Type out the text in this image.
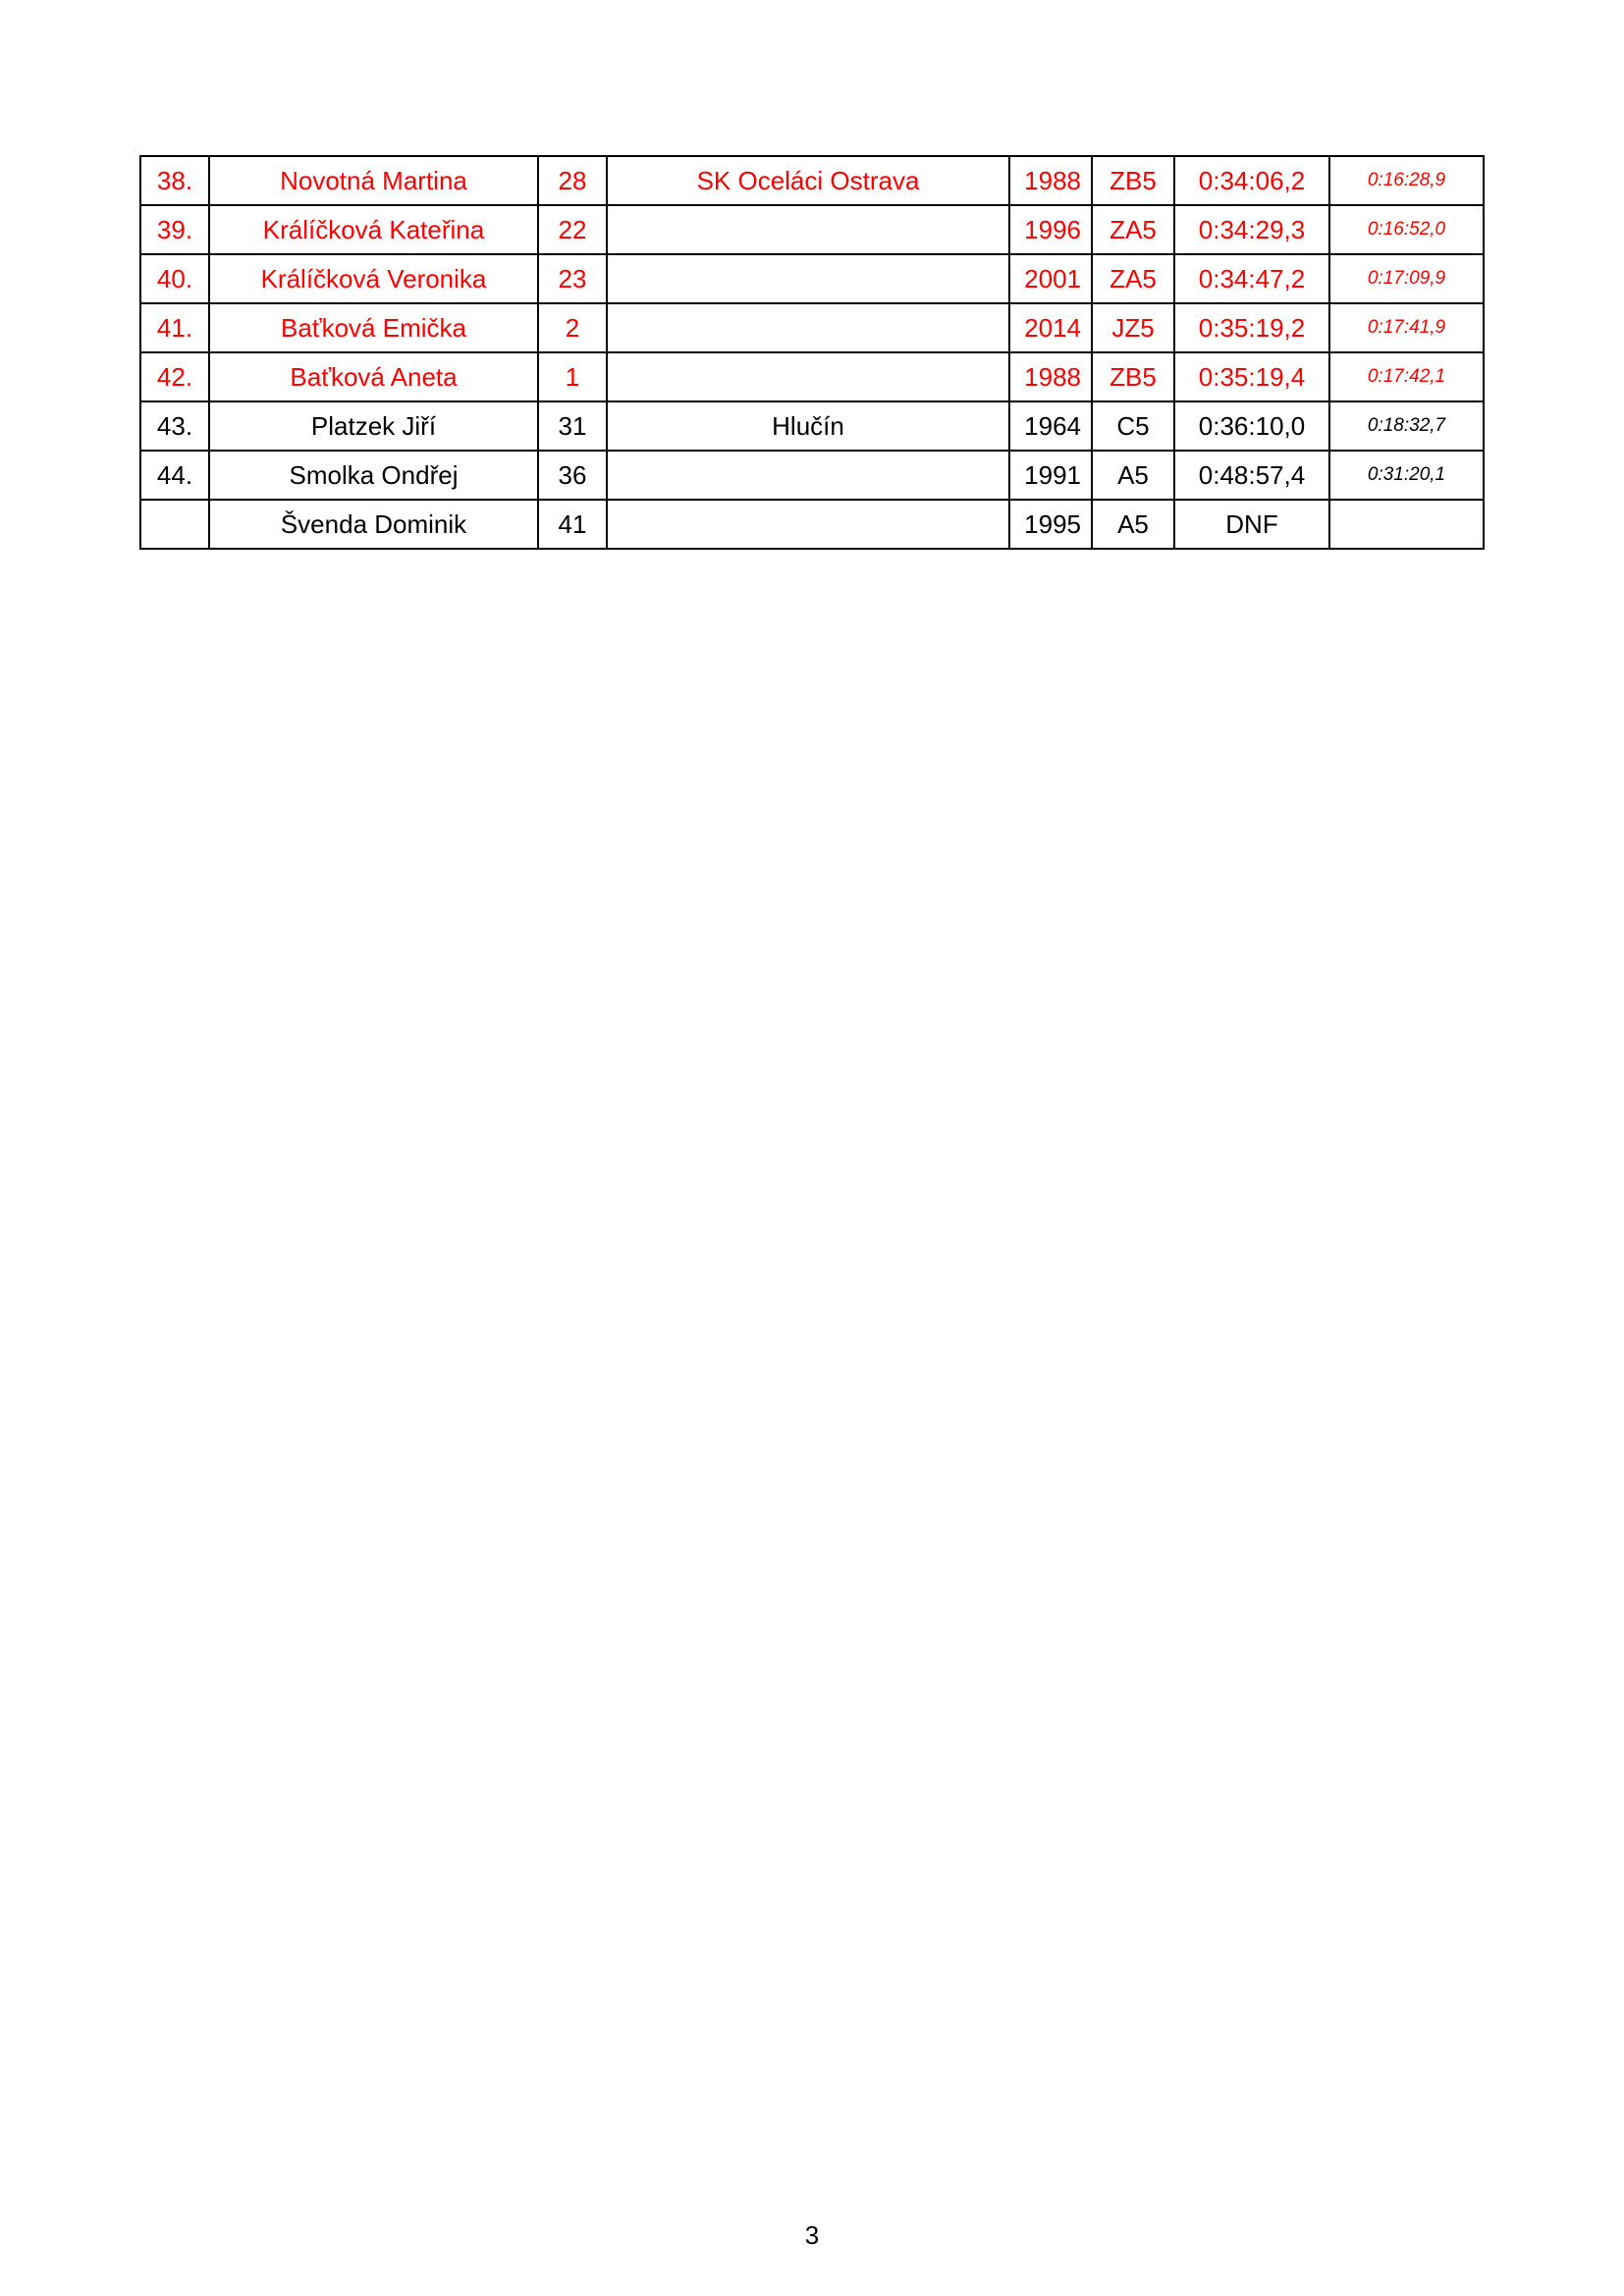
38.	Novotná Martina	28	SK Oceláci Ostrava	1988	ZB5	0:34:06,2	0:16:28,9
39.	Králíčková Kateřina	22		1996	ZA5	0:34:29,3	0:16:52,0
40.	Králíčková Veronika	23		2001	ZA5	0:34:47,2	0:17:09,9
41.	Baťková Emička	2		2014	JZ5	0:35:19,2	0:17:41,9
42.	Baťková Aneta	1		1988	ZB5	0:35:19,4	0:17:42,1
43.	Platzek Jiří	31	Hlučín	1964	C5	0:36:10,0	0:18:32,7
44.	Smolka Ondřej	36		1991	A5	0:48:57,4	0:31:20,1
	Švenda Dominik	41		1995	A5	DNF	
3
